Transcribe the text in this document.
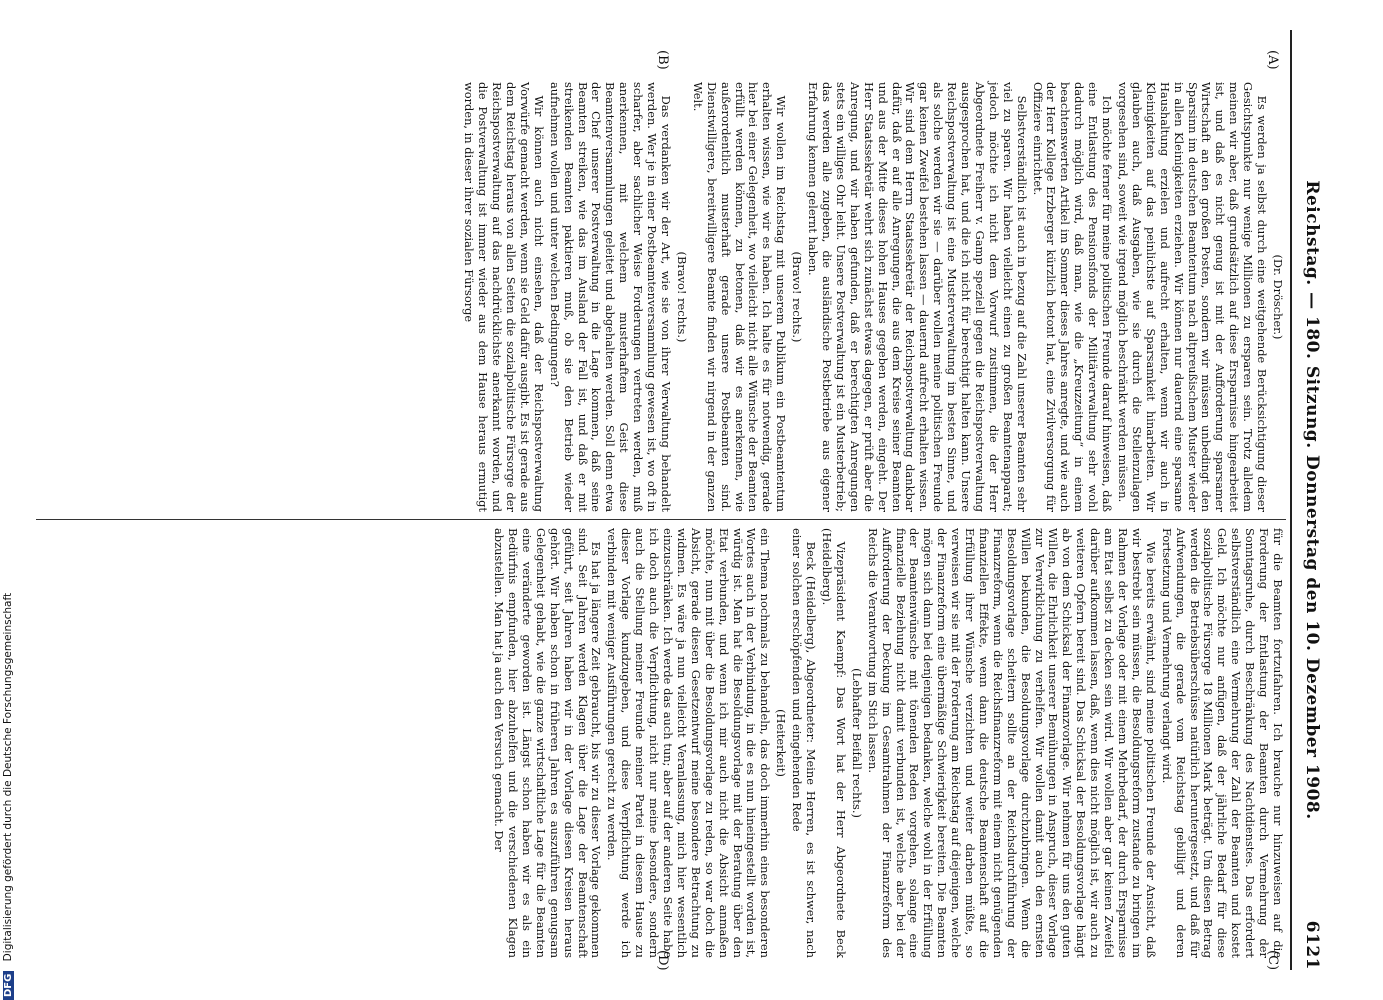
Reichstag. — 180. Sitzung. Donnerstag den 10. Dezember 1908.
6121
(A)
(B)
(C)
(D)

(Dr. Dröscher.)

Es werden ja selbst durch eine weitgehende Berücksichtigung dieser Gesichtspunkte nur wenige Millionen zu ersparen sein. Trotz alledem meinen wir aber, daß grundsätzlich auf diese Ersparnisse hingearbeitet ist, und daß es nicht genug ist mit der Aufforderung sparsamer Wirtschaft an den großen Posten, sondern wir müssen unbedingt den Sparsinn im deutschen Beamtentum nach altpreußischem Muster wieder in allen Kleinigkeiten erziehen. Wir können nur dauernd eine sparsame Haushaltung erzielen und aufrecht erhalten, wenn wir auch in Kleinigkeiten auf das peinlichste auf Sparsamkeit hinarbeiten. Wir glauben auch, daß Ausgaben, wie sie durch die Stellenzulagen vorgesehen sind, soweit wie irgend möglich beschränkt werden müssen.

Ich möchte ferner für meine politischen Freunde darauf hinweisen, daß eine Entlastung des Pensionsfonds der Militärverwaltung sehr wohl dadurch möglich wird, daß man, wie die „Kreuzzeitung“ in einem beachtenswerten Artikel im Sommer dieses Jahres anregte, und wie auch der Herr Kollege Erzberger kürzlich betont hat, eine Zivilversorgung für Offiziere einrichtet.

Selbstverständlich ist auch in bezug auf die Zahl unserer Beamten sehr viel zu sparen. Wir haben vielleicht einen zu großen Beamtenapparat; jedoch möchte ich nicht dem Vorwurf zustimmen, die der Herr Abgeordnete Freiherr v. Gamp speziell gegen die Reichspostverwaltung ausgesprochen hat, und die ich nicht für berechtigt halten kann. Unsere Reichspostverwaltung ist eine Musterverwaltung im besten Sinne, und als solche werden wir sie — darüber wollen meine politischen Freunde gar keinen Zweifel bestehen lassen — dauernd aufrecht erhalten wissen. Wir sind dem Herrn Staatssekretär der Reichspostverwaltung dankbar dafür, daß er auf alle Anregungen, die aus dem Kreise seiner Beamten und aus der Mitte dieses hohen Hauses gegeben werden, eingeht. Der Herr Staatssekretär wehrt sich zunächst etwas dagegen, er prüft aber die Anregung, und wir haben gefunden, daß er berechtigten Anregungen stets ein williges Ohr leiht. Unsere Postverwaltung ist ein Musterbetrieb; das werden alle zugeben, die ausländische Postbetriebe aus eigener Erfahrung kennen gelernt haben.

(Bravo! rechts.)

Wir wollen im Reichstag mit unserem Publikum ein Postbeamtentum erhalten wissen, wie wir es haben. Ich halte es für notwendig, gerade hier bei einer Gelegenheit, wo vielleicht nicht alle Wünsche der Beamten erfüllt werden können, zu betonen, daß wir es anerkennen, wie außerordentlich musterhaft gerade unsere Postbeamten sind. Dienstwilligere, bereitwilligere Beamte finden wir nirgend in der ganzen Welt.

(Bravo! rechts.)

Das verdanken wir der Art, wie sie von ihrer Verwaltung behandelt werden. Wer je in einer Postbeamtenversammlung gewesen ist, wo oft in scharfer, aber sachlicher Weise Forderungen vertreten werden, muß anerkennen, mit welchem musterhaftem Geist diese Beamtenversammlungen geleitet und abgehalten werden. Soll denn etwa der Chef unserer Postverwaltung in die Lage kommen, daß seine Beamten streiken, wie das im Ausland der Fall ist, und daß er mit streikenden Beamten paktieren muß, ob sie den Betrieb wieder aufnehmen wollen und unter welchen Bedingungen?

Wir können auch nicht einsehen, daß der Reichspostverwaltung Vorwürfe gemacht werden, wenn sie Geld dafür ausgibt. Es ist gerade aus dem Reichstag heraus von allen Seiten die sozialpolitische Fürsorge der Reichspostverwaltung auf das nachdrücklichste anerkannt worden, und die Postverwaltung ist immer wieder aus dem Hause heraus ermutigt worden, in dieser ihrer sozialen Fürsorge

für die Beamten fortzufahren. Ich brauche nur hinzuweisen auf die Forderung der Entlastung der Beamten durch Vermehrung der Sonntagsruhe, durch Beschränkung des Nachtdienstes. Das erfordert selbstverständlich eine Vermehrung der Zahl der Beamten und kostet Geld. Ich möchte nur anfügen, daß der jährliche Bedarf für diese sozialpolitische Fürsorge 18 Millionen Mark beträgt. Um diesen Betrag werden die Betriebsüberschüsse natürlich heruntergesetzt, und daß für Aufwendungen, die gerade vom Reichstag gebilligt und deren Fortsetzung und Vermehrung verlangt wird.

Wie bereits erwähnt, sind meine politischen Freunde der Ansicht, daß wir bestrebt sein müssen, die Besoldungsreform zustande zu bringen im Rahmen der Vorlage oder mit einem Mehrbedarf, der durch Ersparnisse am Etat selbst zu decken sein wird. Wir wollen aber gar keinen Zweifel darüber aufkommen lassen, daß, wenn dies nicht möglich ist, wir auch zu weiteren Opfern bereit sind. Das Schicksal der Besoldungsvorlage hängt ab von dem Schicksal der Finanzvorlage. Wir nehmen für uns den guten Willen, die Ehrlichkeit unserer Bemühungen in Anspruch, dieser Vorlage zur Verwirklichung zu verhelfen. Wir wollen damit auch den ernsten Willen bekunden, die Besoldungsvorlage durchzubringen. Wenn die Besoldungsvorlage scheitern sollte an der Reichsdurchführung der Finanzreform, wenn die Reichsfinanzreform mit einem nicht genügenden finanziellen Effekte, wenn dann die deutsche Beamtenschaft auf die Erfüllung ihrer Wünsche verzichten und weiter darben müßte, so verweisen wir sie mit der Forderung am Reichstag auf diejenigen, welche der Finanzreform eine übermäßige Schwierigkeit bereiten. Die Beamten mögen sich dann bei denjenigen bedanken, welche wohl in der Erfüllung der Beamtenwünsche mit tönenden Reden vorgehen, solange eine finanzielle Beziehung nicht damit verbunden ist, welche aber bei der Aufforderung der Deckung im Gesamtrahmen der Finanzreform des Reichs die Verantwortung im Stich lassen.

(Lebhafter Beifall rechts.)

Vizepräsident Kaempf: Das Wort hat der Herr Abgeordnete Beck (Heidelberg).

Beck (Heidelberg), Abgeordneter: Meine Herren, es ist schwer, nach einer solchen erschöpfenden und eingehenden Rede

(Heiterkeit)

ein Thema nochmals zu behandeln, das doch immerhin eines besonderen Wortes auch in der Verbindung, in die es nun hineingestellt worden ist, würdig ist. Man hat die Besoldungsvorlage mit der Beratung über den Etat verbunden, und wenn ich mir auch nicht die Absicht anmaßen möchte, nun mit über die Besoldungsvorlage zu reden, so war doch die Absicht, gerade diesen Gesetzentwurf meine besondere Betrachtung zu widmen. Es wäre ja nun vielleicht Veranlassung, mich hier wesentlich einzuschränken. Ich werde das auch tun; aber auf der anderen Seite habe ich doch auch die Verpflichtung, nicht nur meine besondere, sondern auch die Stellung meiner Freunde meiner Partei in diesem Hause zu dieser Vorlage kundzugeben, und diese Verpflichtung werde ich verbinden mit weniger Ausführungen gerecht zu werden.

Es hat ja längere Zeit gebraucht, bis wir zu dieser Vorlage gekommen sind. Seit Jahren werden Klagen über die Lage der Beamtenschaft geführt, seit Jahren haben wir in der Vorlage diesen Kreisen heraus gehört. Wir haben schon in früheren Jahren es auszuführen genugsam Gelegenheit gehabt, wie die ganze wirtschaftliche Lage für die Beamten eine veränderte geworden ist. Längst schon haben wir es als ein Bedürfnis empfunden, hier abzuhelfen und die verschiedenen Klagen abzustellen. Man hat ja auch den Versuch gemacht. Der

DFG Digitalisierung gefördert durch die Deutsche Forschungsgemeinschaft
